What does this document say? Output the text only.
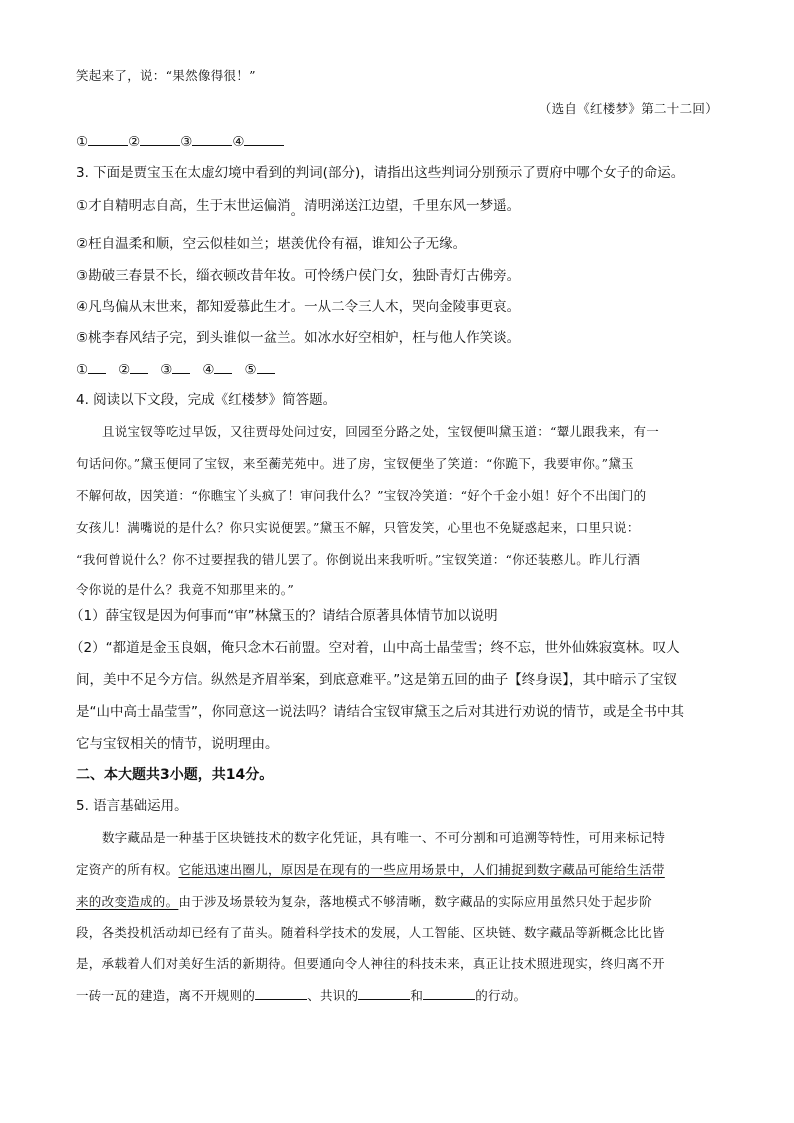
笑起来了，说：“果然像得很！”
（选自《红楼梦》第二十二回）
①	②	③	④
3. 下面是贾宝玉在太虚幻境中看到的判词(部分)，请指出这些判词分别预示了贾府中哪个女子的命运。
①才自精明志自高，生于末世运偏消。清明涕送江边望，千里东风一梦遥。
②枉自温柔和顺，空云似桂如兰；堪羡优伶有福，谁知公子无缘。
③勘破三春景不长，缁衣顿改昔年妆。可怜绣户侯门女，独卧青灯古佛旁。
④凡鸟偏从末世来，都知爱慕此生才。一从二令三人木，哭向金陵事更哀。
⑤桃李春风结子完，到头谁似一盆兰。如冰水好空相妒，枉与他人作笑谈。
① ② ③ ④ ⑤
4. 阅读以下文段，完成《红楼梦》简答题。
且说宝钗等吃过早饭，又往贾母处问过安，回园至分路之处，宝钗便叫黛玉道：“颦儿跟我来，有一
句话问你。”黛玉便同了宝钗，来至蘅芜苑中。进了房，宝钗便坐了笑道：“你跪下，我要审你。”黛玉
不解何故，因笑道：“你瞧宝丫头疯了！审问我什么？”宝钗冷笑道：“好个千金小姐！好个不出闺门的
女孩儿！满嘴说的是什么？你只实说便罢。”黛玉不解，只管发笑，心里也不免疑惑起来，口里只说：
“我何曾说什么？你不过要捏我的错儿罢了。你倒说出来我听听。”宝钗笑道：“你还装憨儿。昨儿行酒
令你说的是什么？我竟不知那里来的。”
（1）薛宝钗是因为何事而“审”林黛玉的？请结合原著具体情节加以说明
（2）“都道是金玉良姻，俺只念木石前盟。空对着，山中高士晶莹雪；终不忘，世外仙姝寂寞林。叹人
间，美中不足今方信。纵然是齐眉举案，到底意难平。”这是第五回的曲子【终身误】，其中暗示了宝钗
是“山中高士晶莹雪”，你同意这一说法吗？请结合宝钗审黛玉之后对其进行劝说的情节，或是全书中其
它与宝钗相关的情节，说明理由。
二、本大题共3小题，共14分。
5. 语言基础运用。
数字藏品是一种基于区块链技术的数字化凭证，具有唯一、不可分割和可追溯等特性，可用来标记特
定资产的所有权。它能迅速出圈儿，原因是在现有的一些应用场景中，人们捕捉到数字藏品可能给生活带
来的改变造成的。由于涉及场景较为复杂，落地模式不够清晰，数字藏品的实际应用虽然只处于起步阶
段，各类投机活动却已经有了苗头。随着科学技术的发展，人工智能、区块链、数字藏品等新概念比比皆
是，承载着人们对美好生活的新期待。但要通向令人神往的科技未来，真正让技术照进现实，终归离不开
一砖一瓦的建造，离不开规则的	、共识的	和	的行动。
